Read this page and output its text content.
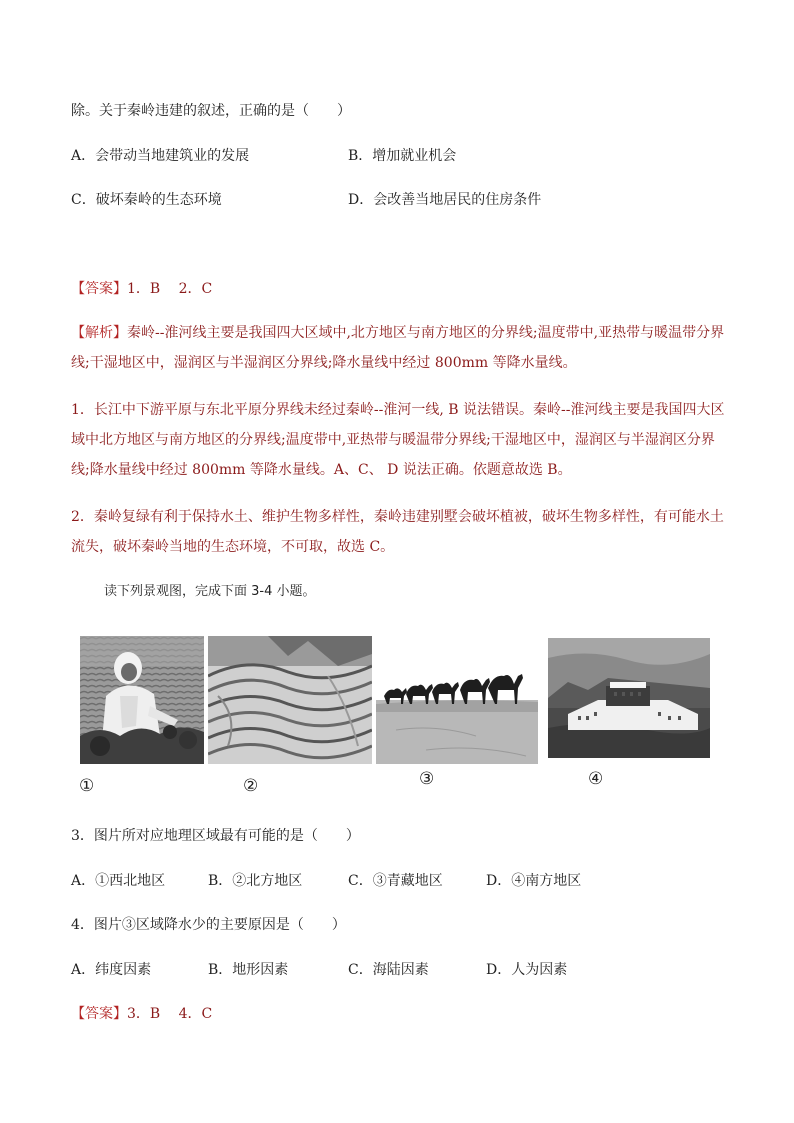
除。关于秦岭违建的叙述，正确的是（　　）
A．会带动当地建筑业的发展	B．增加就业机会
C．破坏秦岭的生态环境	D．会改善当地居民的住房条件
【答案】1．B　 2．C
【解析】秦岭--淮河线主要是我国四大区域中,北方地区与南方地区的分界线;温度带中,亚热带与暖温带分界
线;干湿地区中，湿润区与半湿润区分界线;降水量线中经过 800mm 等降水量线。
1．长江中下游平原与东北平原分界线未经过秦岭--淮河一线, B 说法错误。秦岭--淮河线主要是我国四大区
域中北方地区与南方地区的分界线;温度带中,亚热带与暖温带分界线;干湿地区中，湿润区与半湿润区分界
线;降水量线中经过 800mm 等降水量线。A、C、 D 说法正确。依题意故选 B。
2．秦岭复绿有利于保持水土、维护生物多样性，秦岭违建别墅会破坏植被，破坏生物多样性，有可能水土
流失，破坏秦岭当地的生态环境，不可取，故选 C。
读下列景观图，完成下面 3-4 小题。
①	②	③	④
3．图片所对应地理区域最有可能的是（　　）
A．①西北地区	B．②北方地区	C．③青藏地区	D．④南方地区
4．图片③区域降水少的主要原因是（　　）
A．纬度因素	B．地形因素	C．海陆因素	D．人为因素
【答案】3．B　 4．C
